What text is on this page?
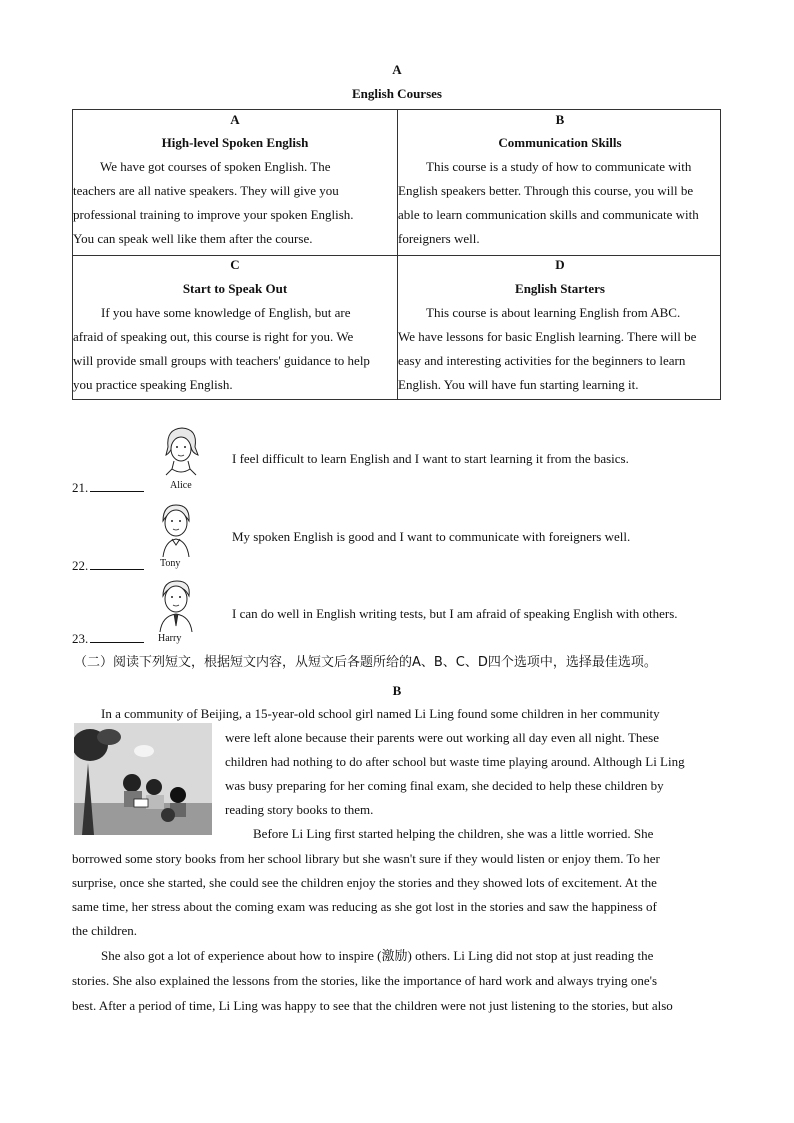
A
English Courses
A
High-level Spoken English
We have got courses of spoken English. The
teachers are all native speakers. They will give you
professional training to improve your spoken English.
You can speak well like them after the course.
B
Communication Skills
This course is a study of how to communicate with
English speakers better. Through this course, you will be
able to learn communication skills and communicate with
foreigners well.
C
Start to Speak Out
If you have some knowledge of English, but are
afraid of speaking out, this course is right for you. We
will provide small groups with teachers' guidance to help
you practice speaking English.
D
English Starters
This course is about learning English from ABC.
We have lessons for basic English learning. There will be
easy and interesting activities for the beginners to learn
English. You will have fun starting learning it.
Alice
I feel difficult to learn English and I want to start learning it from the basics.
21.
Tony
My spoken English is good and I want to communicate with foreigners well.
22.
Harry
I can do well in English writing tests, but I am afraid of speaking English with others.
23.
（二）阅读下列短文，根据短文内容，从短文后各题所给的A、B、C、D四个选项中，选择最佳选项。
B
In a community of Beijing, a 15-year-old school girl named Li Ling found some children in her community
were left alone because their parents were out working all day even all night. These
children had nothing to do after school but waste time playing around. Although Li Ling
was busy preparing for her coming final exam, she decided to help these children by
reading story books to them.
Before Li Ling first started helping the children, she was a little worried. She
borrowed some story books from her school library but she wasn't sure if they would listen or enjoy them. To her
surprise, once she started, she could see the children enjoy the stories and they showed lots of excitement. At the
same time, her stress about the coming exam was reducing as she got lost in the stories and saw the happiness of
the children.
She also got a lot of experience about how to inspire (激励) others. Li Ling did not stop at just reading the
stories. She also explained the lessons from the stories, like the importance of hard work and always trying one's
best. After a period of time, Li Ling was happy to see that the children were not just listening to the stories, but also
